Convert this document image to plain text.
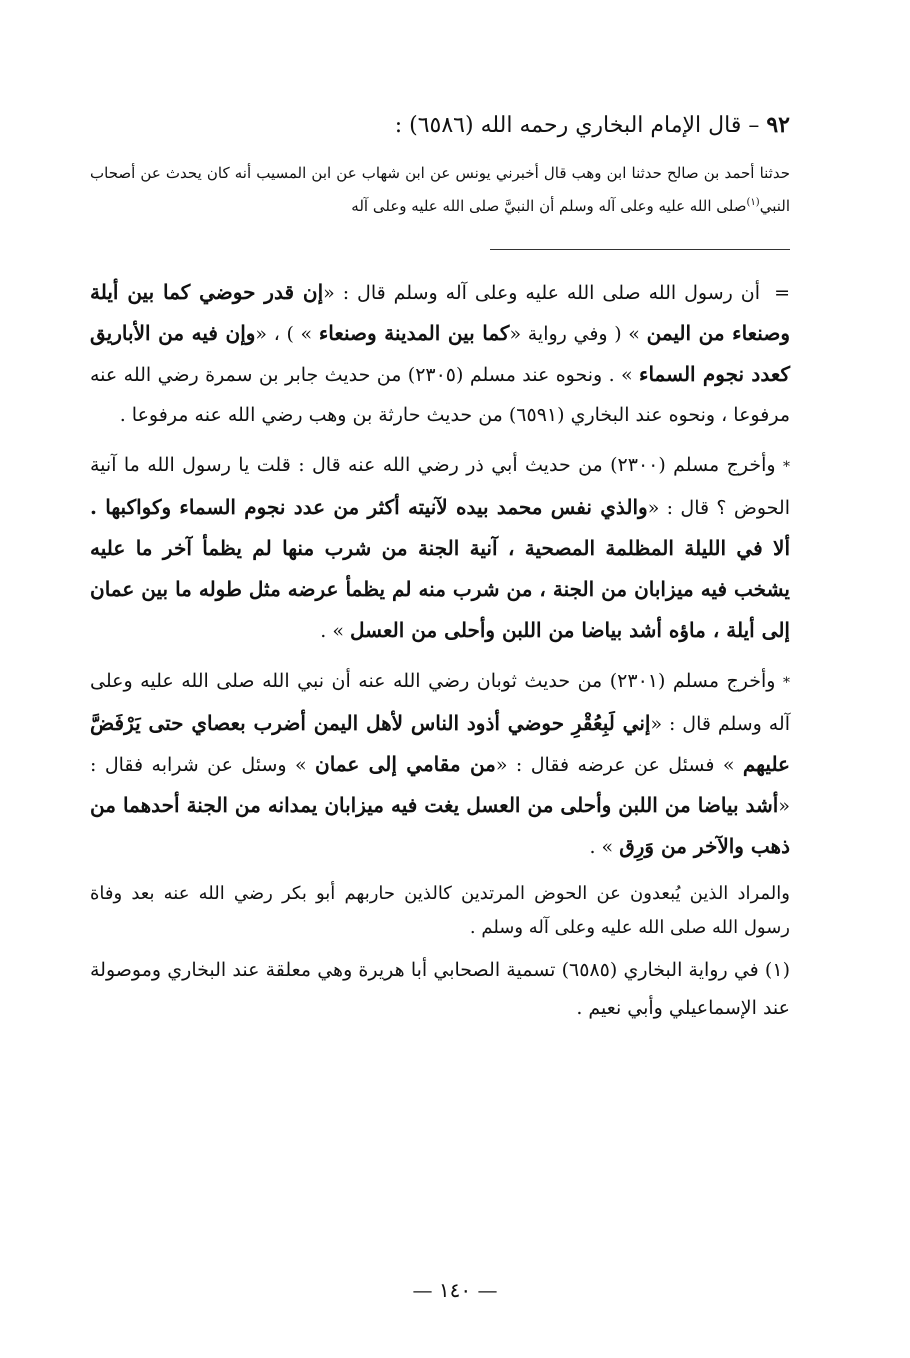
٩٢ – قال الإمام البخاري رحمه الله (٦٥٨٦) :

حدثنا أحمد بن صالح حدثنا ابن وهب قال أخبرني يونس عن ابن شهاب عن ابن المسيب أنه كان يحدث عن أصحاب النبي$^{(١)}$صلى الله عليه وعلى آله وسلم أن النبيَّ صلى الله عليه وعلى آله

=أن رسول الله صلى الله عليه وعلى آله وسلم قال : «إن قدر حوضي كما بين أيلة وصنعاء من اليمن » ( وفي رواية «كما بين المدينة وصنعاء » ) ، «وإن فيه من الأباريق كعدد نجوم السماء » . ونحوه عند مسلم (٢٣٠٥) من حديث جابر بن سمرة رضي الله عنه مرفوعا ، ونحوه عند البخاري (٦٥٩١) من حديث حارثة بن وهب رضي الله عنه مرفوعا .

* وأخرج مسلم (٢٣٠٠) من حديث أبي ذر رضي الله عنه قال : قلت يا رسول الله ما آنية الحوض ؟ قال : «والذي نفس محمد بيده لآنيته أكثر من عدد نجوم السماء وكواكبها . ألا في الليلة المظلمة المصحية ، آنية الجنة من شرب منها لم يظمأ آخر ما عليه يشخب فيه ميزابان من الجنة ، من شرب منه لم يظمأ عرضه مثل طوله ما بين عمان إلى أيلة ، ماؤه أشد بياضا من اللبن وأحلى من العسل » .

* وأخرج مسلم (٢٣٠١) من حديث ثوبان رضي الله عنه أن نبي الله صلى الله عليه وعلى آله وسلم قال : «إني لَبِعُقْرِ حوضي أذود الناس لأهل اليمن أضرب بعصاي حتى يَرْفَضَّ عليهم » فسئل عن عرضه فقال : «من مقامي إلى عمان » وسئل عن شرابه فقال : «أشد بياضا من اللبن وأحلى من العسل يغت فيه ميزابان يمدانه من الجنة أحدهما من ذهب والآخر من وَرِق » .

والمراد الذين يُبعدون عن الحوض المرتدين كالذين حاربهم أبو بكر رضي الله عنه بعد وفاة رسول الله صلى الله عليه وعلى آله وسلم .

(١) في رواية البخاري (٦٥٨٥) تسمية الصحابي أبا هريرة وهي معلقة عند البخاري وموصولة عند الإسماعيلي وأبي نعيم .

— ١٤٠ —
